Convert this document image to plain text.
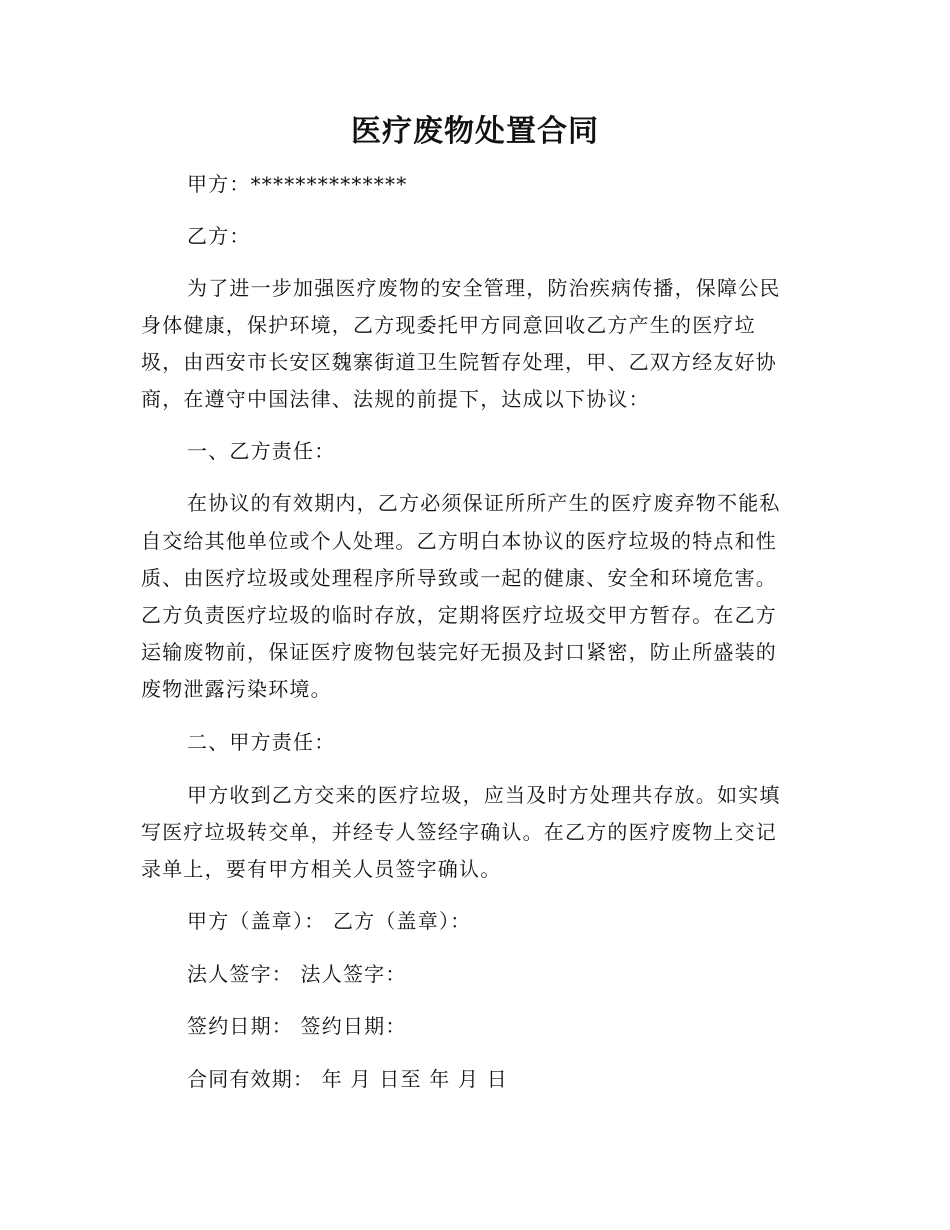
医疗废物处置合同
甲方：**************
乙方：
为了进一步加强医疗废物的安全管理，防治疾病传播，保障公民
身体健康，保护环境，乙方现委托甲方同意回收乙方产生的医疗垃
圾，由西安市长安区魏寨街道卫生院暂存处理，甲、乙双方经友好协
商，在遵守中国法律、法规的前提下，达成以下协议：
一、乙方责任：
在协议的有效期内，乙方必须保证所所产生的医疗废弃物不能私
自交给其他单位或个人处理。乙方明白本协议的医疗垃圾的特点和性
质、由医疗垃圾或处理程序所导致或一起的健康、安全和环境危害。
乙方负责医疗垃圾的临时存放，定期将医疗垃圾交甲方暂存。在乙方
运输废物前，保证医疗废物包装完好无损及封口紧密，防止所盛装的
废物泄露污染环境。
二、甲方责任：
甲方收到乙方交来的医疗垃圾，应当及时方处理共存放。如实填
写医疗垃圾转交单，并经专人签经字确认。在乙方的医疗废物上交记
录单上，要有甲方相关人员签字确认。
甲方（盖章）： 乙方（盖章）：
法人签字： 法人签字：
签约日期： 签约日期：
合同有效期： 年 月 日至 年 月 日
